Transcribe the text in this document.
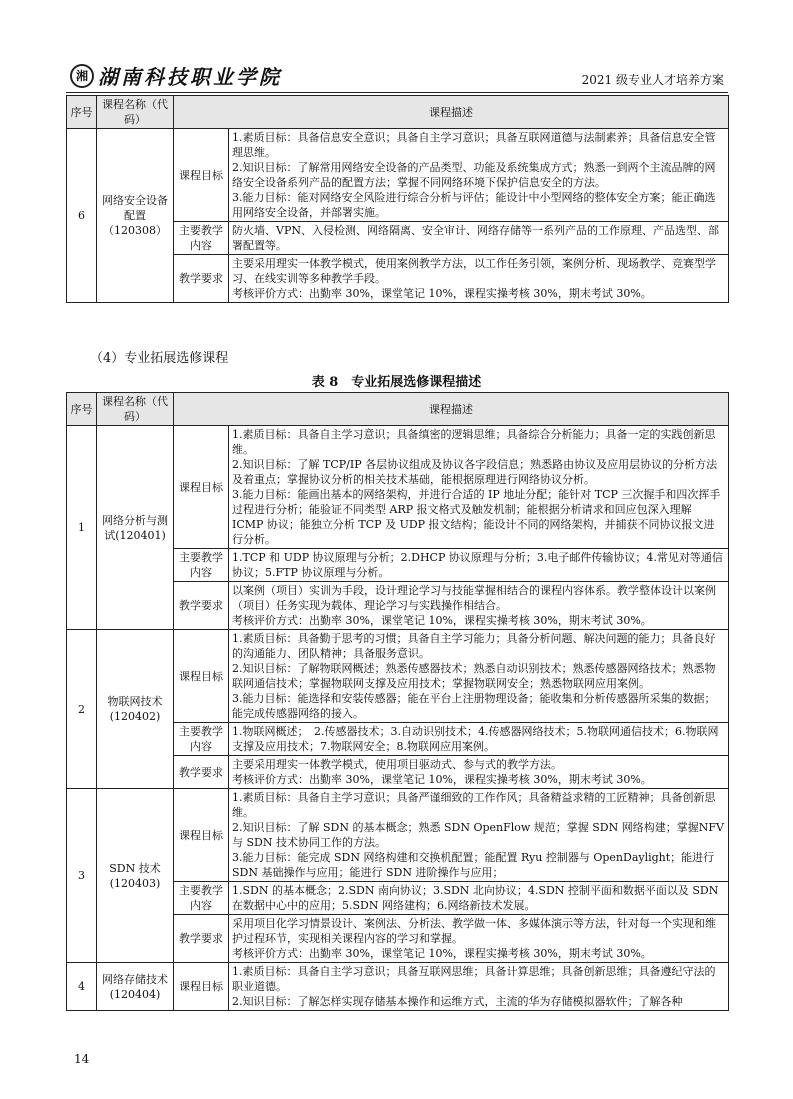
湘 湖南科技职业学院	2021 级专业人才培养方案
序号	课程名称（代码）	课程描述	
6	网络安全设备配置（120308）	课程目标	1.素质目标：具备信息安全意识；具备自主学习意识；具备互联网道德与法制素养；具备信息安全管理思维。
2.知识目标：了解常用网络安全设备的产品类型、功能及系统集成方式；熟悉一到两个主流品牌的网络安全设备系列产品的配置方法；掌握不同网络环境下保护信息安全的方法。
3.能力目标：能对网络安全风险进行综合分析与评估；能设计中小型网络的整体安全方案；能正确选用网络安全设备，并部署实施。

		主要教学内容	防火墙、VPN、入侵检测、网络隔离、安全审计、网络存储等一系列产品的工作原理、产品选型、部署配置等。

		教学要求	主要采用理实一体教学模式，使用案例教学方法，以工作任务引领，案例分析、现场教学、竞赛型学习、在线实训等多种教学手段。
考核评价方式：出勤率 30%，课堂笔记 10%，课程实操考核 30%，期末考试 30%。
（4）专业拓展选修课程
表 8　专业拓展选修课程描述
序号	课程名称（代码）	课程描述	
1	网络分析与测试(120401)	课程目标	1.素质目标：具备自主学习意识；具备缜密的逻辑思维；具备综合分析能力；具备一定的实践创新思维。
2.知识目标：了解 TCP/IP 各层协议组成及协议各字段信息；熟悉路由协议及应用层协议的分析方法及着重点；掌握协议分析的相关技术基础，能根据原理进行网络协议分析。
3.能力目标：能画出基本的网络架构，并进行合适的 IP 地址分配；能针对 TCP 三次握手和四次挥手过程进行分析；能验证不同类型 ARP 报文格式及触发机制；能根据分析请求和回应包深入理解 ICMP 协议；能独立分析 TCP 及 UDP 报文结构；能设计不同的网络架构，并捕获不同协议报文进行分析。

		主要教学内容	1.TCP 和 UDP 协议原理与分析；2.DHCP 协议原理与分析；3.电子邮件传输协议；4.常见对等通信协议；5.FTP 协议原理与分析。

		教学要求	以案例（项目）实训为手段，设计理论学习与技能掌握相结合的课程内容体系。教学整体设计以案例（项目）任务实现为载体、理论学习与实践操作相结合。
考核评价方式：出勤率 30%，课堂笔记 10%，课程实操考核 30%，期末考试 30%。

2	物联网技术(120402)	课程目标	1.素质目标：具备勤于思考的习惯；具备自主学习能力；具备分析问题、解决问题的能力；具备良好的沟通能力、团队精神；具备服务意识。
2.知识目标：了解物联网概述；熟悉传感器技术；熟悉自动识别技术；熟悉传感器网络技术；熟悉物联网通信技术；掌握物联网支撑及应用技术；掌握物联网安全；熟悉物联网应用案例。
3.能力目标：能选择和安装传感器；能在平台上注册物理设备；能收集和分析传感器所采集的数据；能完成传感器网络的接入。

		主要教学内容	1.物联网概述；　2.传感器技术；3.自动识别技术；4.传感器网络技术；5.物联网通信技术；6.物联网支撑及应用技术；7.物联网安全；8.物联网应用案例。

		教学要求	主要采用理实一体教学模式，使用项目驱动式、参与式的教学方法。
考核评价方式：出勤率 30%，课堂笔记 10%，课程实操考核 30%，期末考试 30%。

3	SDN 技术(120403)	课程目标	1.素质目标：具备自主学习意识；具备严谨细致的工作作风；具备精益求精的工匠精神；具备创新思维。
2.知识目标：了解 SDN 的基本概念；熟悉 SDN OpenFlow 规范；掌握 SDN 网络构建；掌握NFV 与 SDN 技术协同工作的方法。
3.能力目标：能完成 SDN 网络构建和交换机配置；能配置 Ryu 控制器与 OpenDaylight；能进行 SDN 基础操作与应用；能进行 SDN 进阶操作与应用；

		主要教学内容	1.SDN 的基本概念；2.SDN 南向协议；3.SDN 北向协议；4.SDN 控制平面和数据平面以及 SDN在数据中心中的应用；5.SDN 网络建构；6.网络新技术发展。

		教学要求	采用项目化学习情景设计、案例法、分析法、教学做一体、多媒体演示等方法，针对每一个实现和维护过程环节，实现相关课程内容的学习和掌握。
考核评价方式：出勤率 30%，课堂笔记 10%，课程实操考核 30%，期末考试 30%。

4	网络存储技术(120404)	课程目标	1.素质目标：具备自主学习意识；具备互联网思维；具备计算思维；具备创新思维；具备遵纪守法的职业道德。
2.知识目标：了解怎样实现存储基本操作和运维方式，主流的华为存储模拟器软件；了解各种
14
